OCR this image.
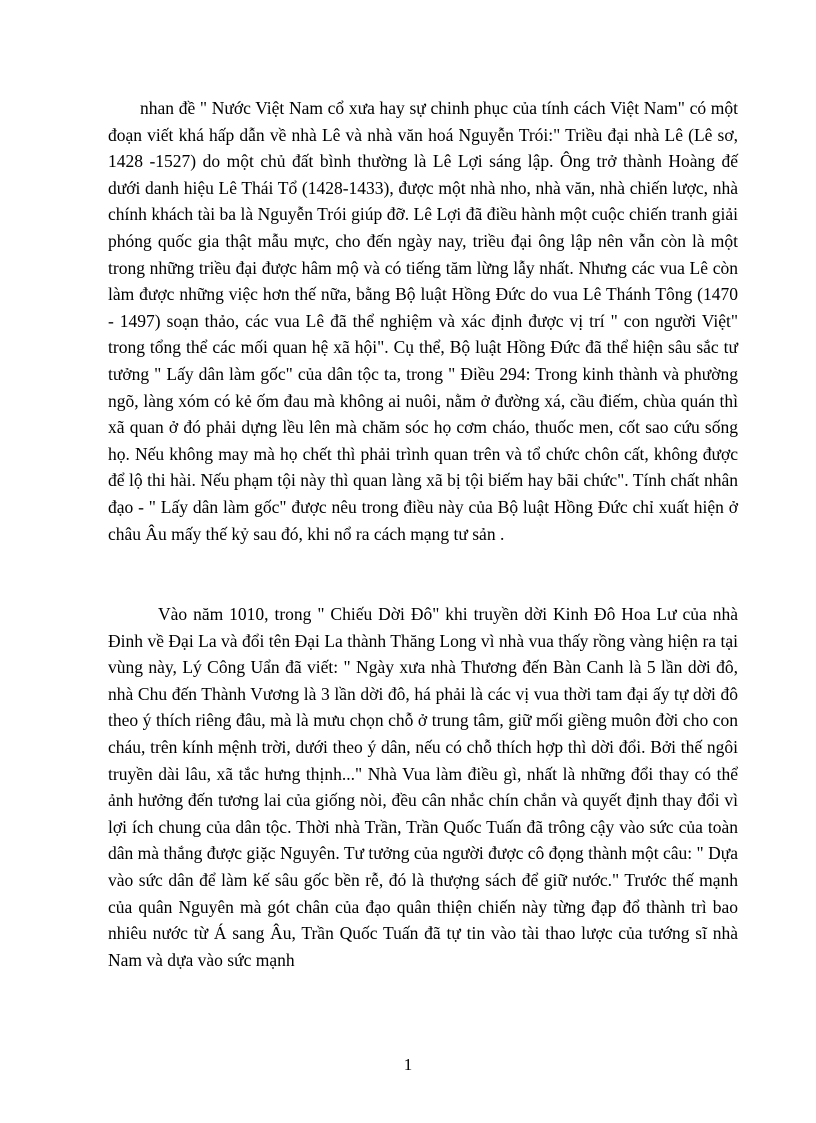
nhan đề " Nước Việt Nam cổ xưa hay sự chinh phục của tính cách Việt Nam" có một đoạn viết khá hấp dẫn về nhà Lê và nhà văn hoá Nguyễn Trói:" Triều đại nhà Lê (Lê sơ, 1428 -1527) do một chủ đất bình thường là Lê Lợi sáng lập. Ông trở thành Hoàng đế dưới danh hiệu Lê Thái Tổ (1428-1433), được một nhà nho, nhà văn, nhà chiến lược, nhà chính khách tài ba là Nguyễn Trói giúp đỡ. Lê Lợi đã điều hành một cuộc chiến tranh giải phóng quốc gia thật mẫu mực, cho đến ngày nay, triều đại ông lập nên vẫn còn là một trong những triều đại được hâm mộ và có tiếng tăm lừng lẫy nhất. Nhưng các vua Lê còn làm được những việc hơn thế nữa, bằng Bộ luật Hồng Đức do vua Lê Thánh Tông (1470 - 1497) soạn thảo, các vua Lê đã thể nghiệm và xác định được vị trí " con người Việt" trong tổng thể các mối quan hệ xã hội". Cụ thể, Bộ luật Hồng Đức đã thể hiện sâu sắc tư tưởng " Lấy dân làm gốc" của dân tộc ta, trong " Điều 294: Trong kinh thành và phường ngõ, làng xóm có kẻ ốm đau mà không ai nuôi, nằm ở đường xá, cầu điếm, chùa quán thì xã quan ở đó phải dựng lều lên mà chăm sóc họ cơm cháo, thuốc men, cốt sao cứu sống họ. Nếu không may mà họ chết thì phải trình quan trên và tổ chức chôn cất, không được để lộ thi hài. Nếu phạm tội này thì quan làng xã bị tội biếm hay bãi chức". Tính chất nhân đạo - " Lấy dân làm gốc" được nêu trong điều này của Bộ luật Hồng Đức chỉ xuất hiện ở châu Âu mấy thế kỷ sau đó, khi nổ ra cách mạng tư sản .

Vào năm 1010, trong " Chiếu Dời Đô" khi truyền dời Kinh Đô Hoa Lư của nhà Đinh về Đại La và đổi tên Đại La thành Thăng Long vì nhà vua thấy rồng vàng hiện ra tại vùng này, Lý Công Uẩn đã viết: " Ngày xưa nhà Thương đến Bàn Canh là 5 lần dời đô, nhà Chu đến Thành Vương là 3 lần dời đô, há phải là các vị vua thời tam đại ấy tự dời đô theo ý thích riêng đâu, mà là mưu chọn chỗ ở trung tâm, giữ mối giềng muôn đời cho con cháu, trên kính mệnh trời, dưới theo ý dân, nếu có chỗ thích hợp thì dời đổi. Bởi thế ngôi truyền dài lâu, xã tắc hưng thịnh..." Nhà Vua làm điều gì, nhất là những đổi thay có thể ảnh hưởng đến tương lai của giống nòi, đều cân nhắc chín chắn và quyết định thay đổi vì lợi ích chung của dân tộc. Thời nhà Trần, Trần Quốc Tuấn đã trông cậy vào sức của toàn dân mà thắng được giặc Nguyên. Tư tưởng của người được cô đọng thành một câu: " Dựa vào sức dân để làm kế sâu gốc bền rễ, đó là thượng sách để giữ nước." Trước thế mạnh của quân Nguyên mà gót chân của đạo quân thiện chiến này từng đạp đổ thành trì bao nhiêu nước từ Á sang Âu, Trần Quốc Tuấn đã tự tin vào tài thao lược của tướng sĩ nhà Nam và dựa vào sức mạnh

1
